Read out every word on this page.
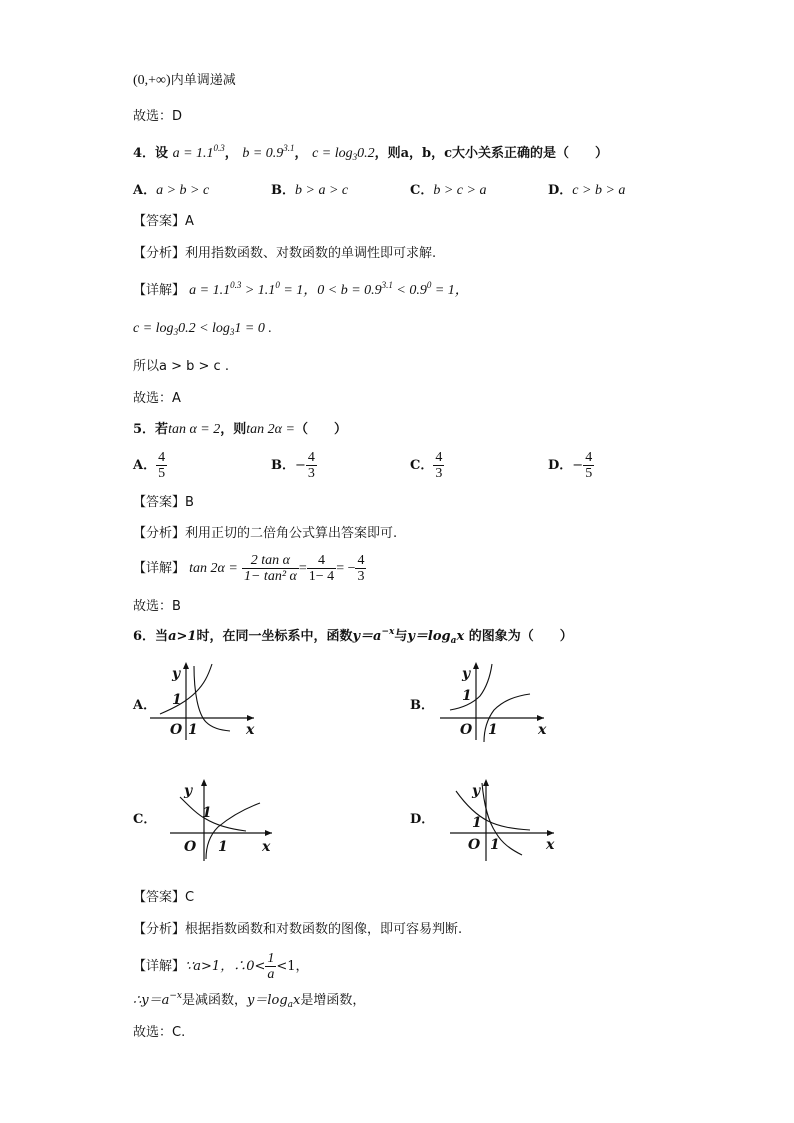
(0,+∞)内单调递减
故选：D
4．设 $a = 1.1^{0.3}$， $b = 0.9^{3.1}$， $c = \log_30.2$，则a，b，c大小关系正确的是（　　）
A．a > b > c	B．b > a > c	C．b > c > a	D．c > b > a
【答案】A
【分析】利用指数函数、对数函数的单调性即可求解.
【详解】 $a = 1.1^{0.3} > 1.1^0 = 1$，$0 < b = 0.9^{3.1} < 0.9^0 = 1$，
$c = \log_30.2 < \log_31 = 0$ .
所以a > b > c .
故选：A
5．若tan α = 2，则tan 2α =（　　）
A． $\frac{4}{5}$	B．− $\frac{4}{3}$	C． $\frac{4}{3}$	D．− $\frac{4}{5}$
【答案】B
【分析】利用正切的二倍角公式算出答案即可.
【详解】 $\tan 2\alpha = \frac{\text{2 tan α}}{\text{1− tan² α}} = \frac{4}{1- 4}$ = − $\frac{4}{3}$
故选：B
6．当a>1时，在同一坐标系中，函数$y=a^{-x}$与$y=\log_ax$ 的图象为（　　）
A．	B．
C．	D．
y
1
O 1	x
y
1
O 1	x
y
1
O 1 x
y
1
O 1	x
【答案】C
【分析】根据指数函数和对数函数的图像，即可容易判断.
【详解】∵a>1，∴0< $\frac{1}{a} <1$，
$\therefore y=a^{-x}$是减函数，$y=\log_ax$是增函数，
故选：C.
